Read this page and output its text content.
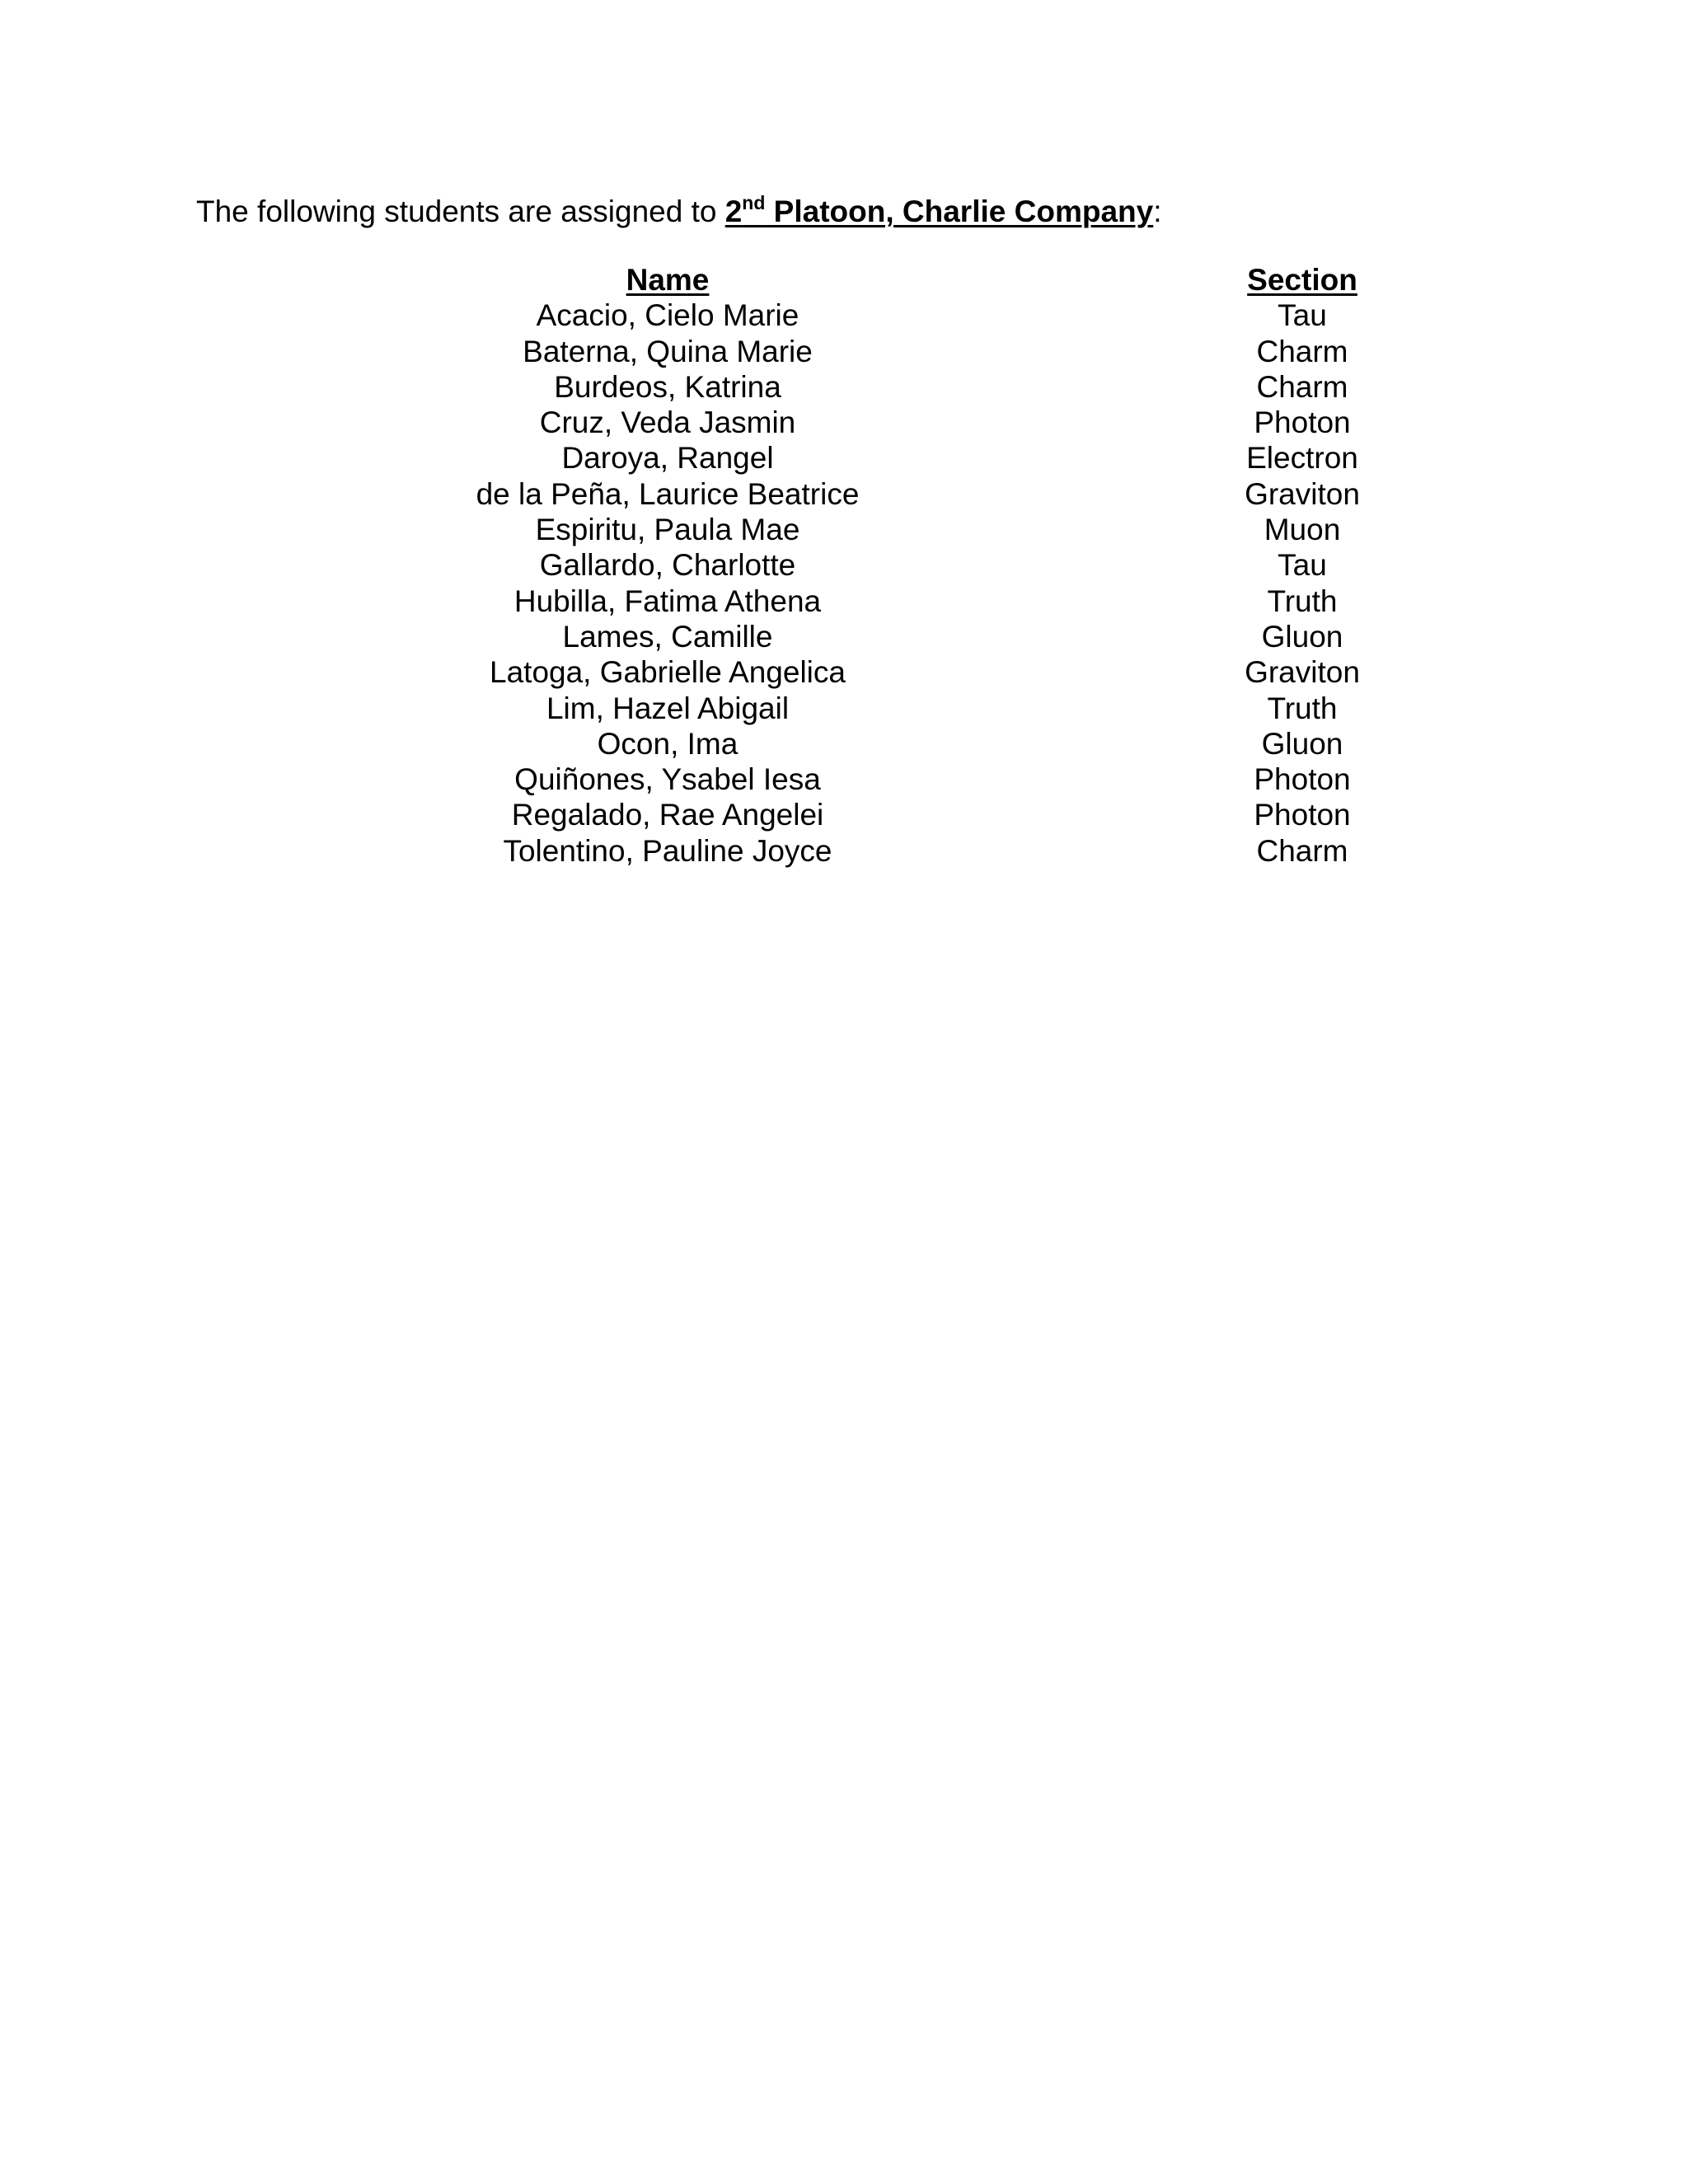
The following students are assigned to 2nd Platoon, Charlie Company:
Name	Section
Acacio, Cielo Marie	Tau
Baterna, Quina Marie	Charm
Burdeos, Katrina	Charm
Cruz, Veda Jasmin	Photon
Daroya, Rangel	Electron
de la Peña, Laurice Beatrice	Graviton
Espiritu, Paula Mae	Muon
Gallardo, Charlotte	Tau
Hubilla, Fatima Athena	Truth
Lames, Camille	Gluon
Latoga, Gabrielle Angelica	Graviton
Lim, Hazel Abigail	Truth
Ocon, Ima	Gluon
Quiñones, Ysabel Iesa	Photon
Regalado, Rae Angelei	Photon
Tolentino, Pauline Joyce	Charm
